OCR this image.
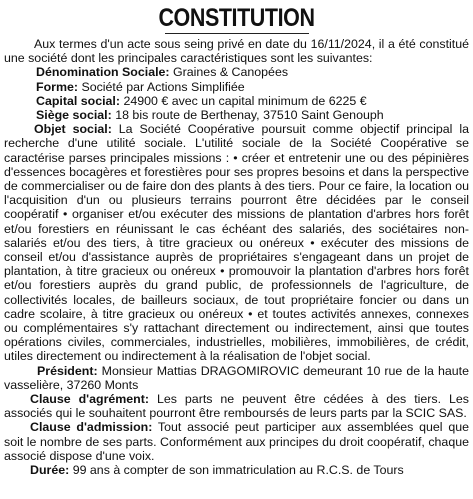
CONSTITUTION

Aux termes d'un acte sous seing privé en date du 16/11/2024, il a été constitué une société dont les principales caractéristiques sont les suivantes:

Dénomination Sociale: Graines & Canopées

Forme: Société par Actions Simplifiée

Capital social: 24900 € avec un capital minimum de 6225 €

Siège social: 18 bis route de Berthenay, 37510 Saint Genouph

Objet social: La Société Coopérative poursuit comme objectif principal la recherche d'une utilité sociale. L'utilité sociale de la Société Coopérative se caractérise parses principales missions : • créer et entretenir une ou des pépinières d'essences bocagères et forestières pour ses propres besoins et dans la perspective de commercialiser ou de faire don des plants à des tiers. Pour ce faire, la location ou l'acquisition d'un ou plusieurs terrains pourront être décidées par le conseil coopératif • organiser et/ou exécuter des missions de plantation d'arbres hors forêt et/ou forestiers en réunissant le cas échéant des salariés, des sociétaires non-salariés et/ou des tiers, à titre gracieux ou onéreux • exécuter des missions de conseil et/ou d'assistance auprès de propriétaires s'engageant dans un projet de plantation, à titre gracieux ou onéreux • promouvoir la plantation d'arbres hors forêt et/ou forestiers auprès du grand public, de professionnels de l'agriculture, de collectivités locales, de bailleurs sociaux, de tout propriétaire foncier ou dans un cadre scolaire, à titre gracieux ou onéreux • et toutes activités annexes, connexes ou complémentaires s'y rattachant directement ou indirectement, ainsi que toutes opérations civiles, commerciales, industrielles, mobilières, immobilières, de crédit, utiles directement ou indirectement à la réalisation de l'objet social.

Président: Monsieur Mattias DRAGOMIROVIC demeurant 10 rue de la haute vasselière, 37260 Monts

Clause d'agrément: Les parts ne peuvent être cédées à des tiers. Les associés qui le souhaitent pourront être remboursés de leurs parts par la SCIC SAS.

Clause d'admission: Tout associé peut participer aux assemblées quel que soit le nombre de ses parts. Conformément aux principes du droit coopératif, chaque associé dispose d'une voix.

Durée: 99 ans à compter de son immatriculation au R.C.S. de Tours
